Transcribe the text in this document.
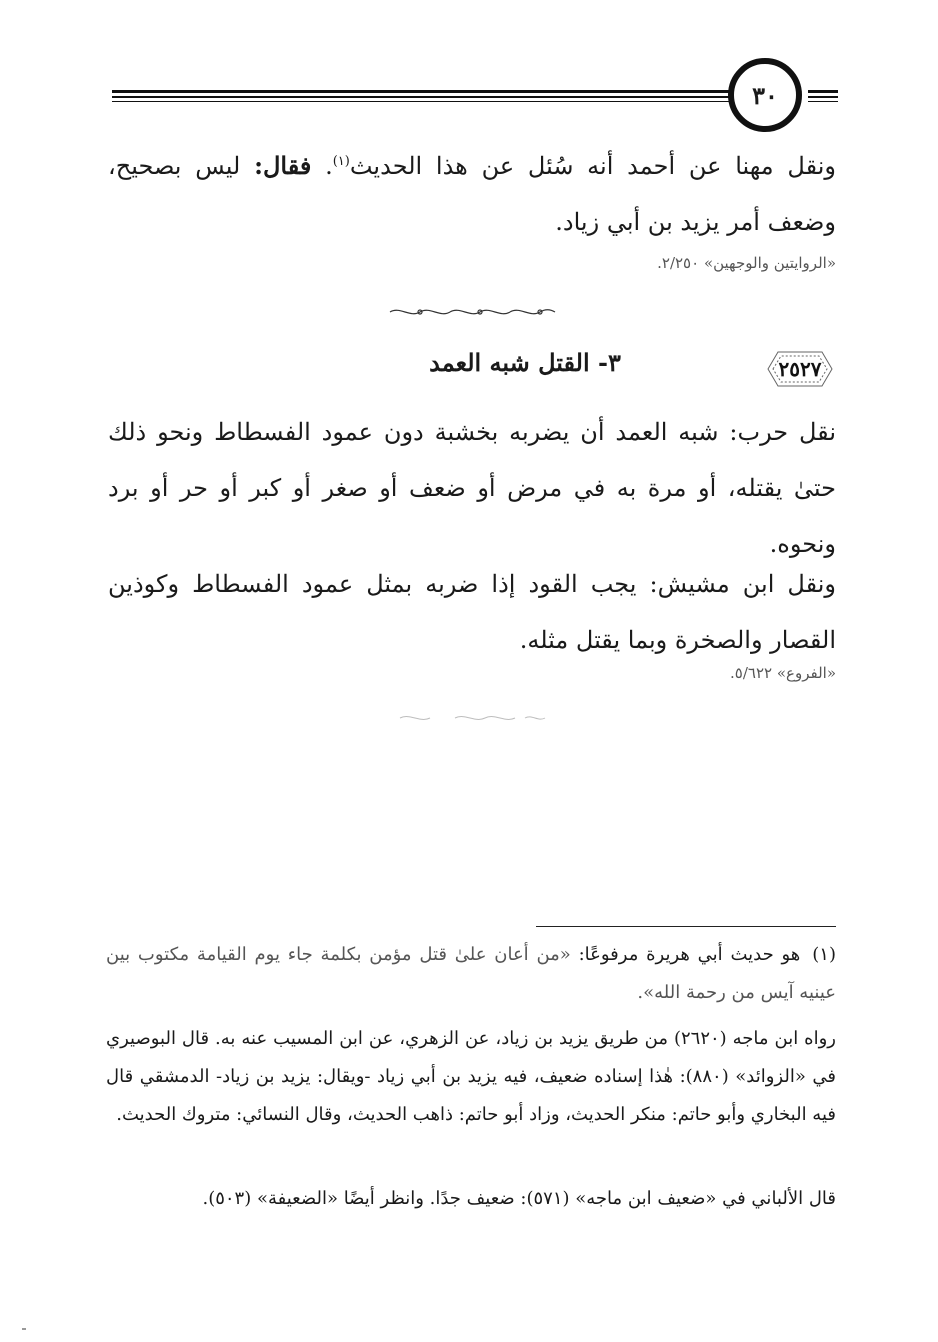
٣٠
ونقل مهنا عن أحمد أنه سُئل عن هذا الحديث$^{(١)}$. فقال: ليس بصحيح، وضعف أمر يزيد بن أبي زياد.
«الروايتين والوجهين» ٢/٢٥٠.
٢٥٢٧
٣- القتل شبه العمد
نقل حرب: شبه العمد أن يضربه بخشبة دون عمود الفسطاط ونحو ذلك حتىٰ يقتله، أو مرة به في مرض أو ضعف أو صغر أو كبر أو حر أو برد ونحوه.
ونقل ابن مشيش: يجب القود إذا ضربه بمثل عمود الفسطاط وكوذين القصار والصخرة وبما يقتل مثله.
«الفروع» ٥/٦٢٢.
(١)هو حديث أبي هريرة مرفوعًا: «من أعان علىٰ قتل مؤمن بكلمة جاء يوم القيامة مكتوب بين عينيه آيس من رحمة الله».
رواه ابن ماجه (٢٦٢٠) من طريق يزيد بن زياد، عن الزهري، عن ابن المسيب عنه به. قال البوصيري في «الزوائد» (٨٨٠): هٰذا إسناده ضعيف، فيه يزيد بن أبي زياد -ويقال: يزيد بن زياد- الدمشقي قال فيه البخاري وأبو حاتم: منكر الحديث، وزاد أبو حاتم: ذاهب الحديث، وقال النسائي: متروك الحديث.
قال الألباني في «ضعيف ابن ماجه» (٥٧١): ضعيف جدًا. وانظر أيضًا «الضعيفة» (٥٠٣).
